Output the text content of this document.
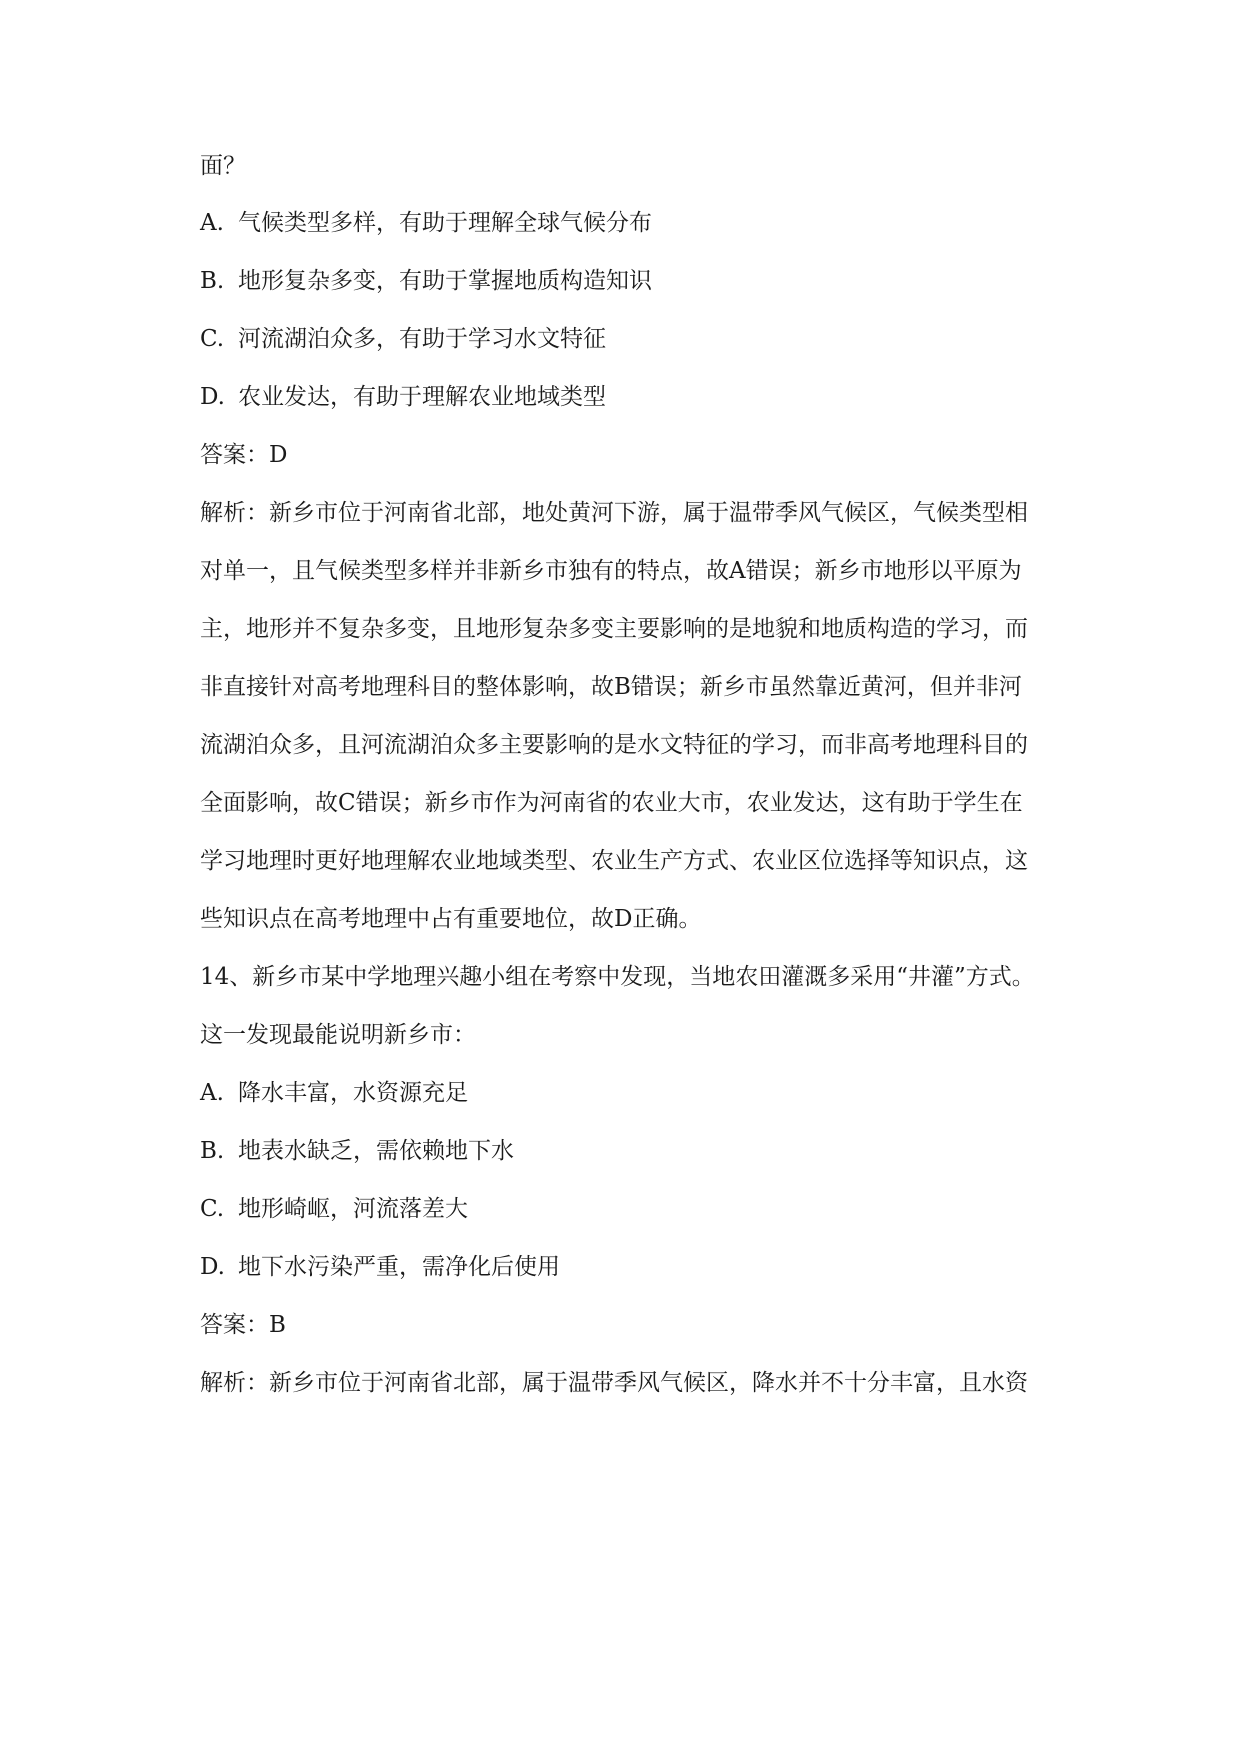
面？
A. 气候类型多样，有助于理解全球气候分布
B. 地形复杂多变，有助于掌握地质构造知识
C. 河流湖泊众多，有助于学习水文特征
D. 农业发达，有助于理解农业地域类型
答案：D
解析：新乡市位于河南省北部，地处黄河下游，属于温带季风气候区，气候类型相
对单一，且气候类型多样并非新乡市独有的特点，故A错误；新乡市地形以平原为
主，地形并不复杂多变，且地形复杂多变主要影响的是地貌和地质构造的学习，而
非直接针对高考地理科目的整体影响，故B错误；新乡市虽然靠近黄河，但并非河
流湖泊众多，且河流湖泊众多主要影响的是水文特征的学习，而非高考地理科目的
全面影响，故C错误；新乡市作为河南省的农业大市，农业发达，这有助于学生在
学习地理时更好地理解农业地域类型、农业生产方式、农业区位选择等知识点，这
些知识点在高考地理中占有重要地位，故D正确。
14、新乡市某中学地理兴趣小组在考察中发现，当地农田灌溉多采用“井灌”方式。
这一发现最能说明新乡市：
A. 降水丰富，水资源充足
B. 地表水缺乏，需依赖地下水
C. 地形崎岖，河流落差大
D. 地下水污染严重，需净化后使用
答案：B
解析：新乡市位于河南省北部，属于温带季风气候区，降水并不十分丰富，且水资
